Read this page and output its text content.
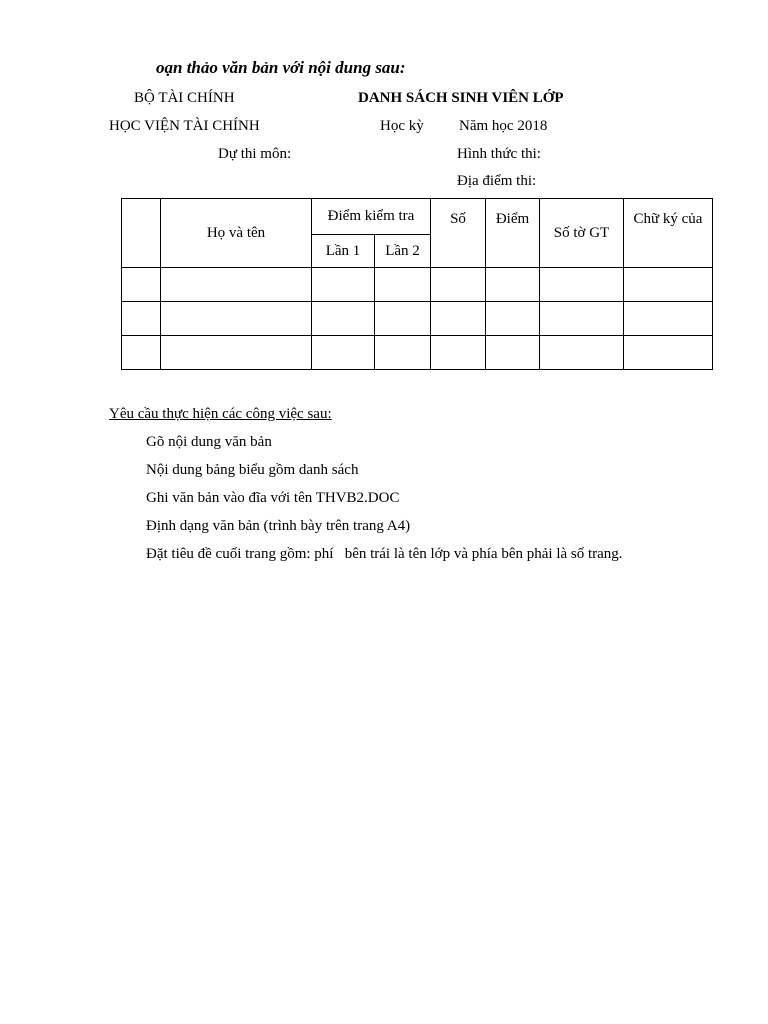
oạn thảo văn bản với nội dung sau:
BỘ TÀI CHÍNH	DANH SÁCH SINH VIÊN LỚP
HỌC VIỆN TÀI CHÍNH	Học kỳ Năm học 2018
Dự thi môn:	Hình thức thi:
Địa điểm thi:
	Họ và tên	Điểm kiểm tra		Số	Điểm	Số tờ GT	Chữ ký của
		Lần 1	Lần 2				

Yêu cầu thực hiện các công việc sau:
Gõ nội dung văn bản
Nội dung bảng biểu gồm danh sách
Ghi văn bản vào đĩa với tên THVB2.DOC
Định dạng văn bản (trình bày trên trang A4)
Đặt tiêu đề cuối trang gồm: phí   bên trái là tên lớp và phía bên phải là số trang.
